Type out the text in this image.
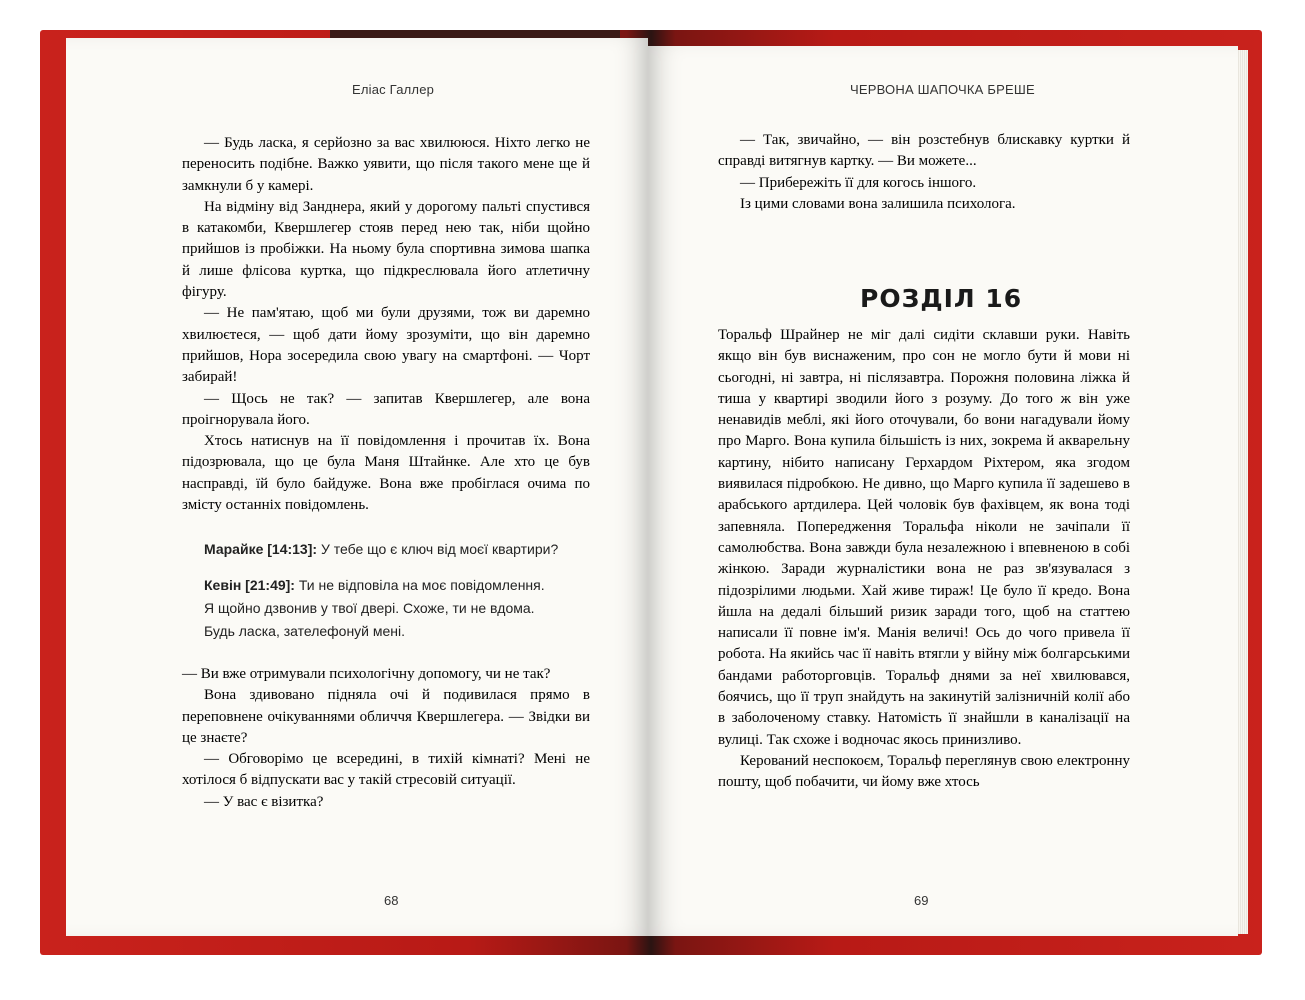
Еліас Галлер	ЧЕРВОНА ШАПОЧКА БРЕШЕ

— Будь ласка, я серйозно за вас хвилююся. Ніхто легко не переносить подібне. Важко уявити, що після такого мене ще й замкнули б у камері.

На відміну від Занднера, який у дорогому пальті спустився в катакомби, Квершлегер стояв перед нею так, ніби щойно прийшов із пробіжки. На ньому була спортивна зимова шапка й лише флісова куртка, що підкреслювала його атлетичну фігуру.

— Не пам'ятаю, щоб ми були друзями, тож ви даремно хвилюєтеся, — щоб дати йому зрозуміти, що він даремно прийшов, Нора зосередила свою увагу на смартфоні. — Чорт забирай!

— Щось не так? — запитав Квершлегер, але вона проігнорувала його.

Хтось натиснув на її повідомлення і прочитав їх. Вона підозрювала, що це була Маня Штайнке. Але хто це був насправді, їй було байдуже. Вона вже пробіглася очима по змісту останніх повідомлень.

Марайке [14:13]: У тебе що є ключ від моєї квартири?

Кевін [21:49]: Ти не відповіла на моє повідомлення.
Я щойно дзвонив у твої двері. Схоже, ти не вдома.
Будь ласка, зателефонуй мені.

— Ви вже отримували психологічну допомогу, чи не так?

Вона здивовано підняла очі й подивилася прямо в переповнене очікуваннями обличчя Квершлегера. — Звідки ви це знаєте?

— Обговорімо це всередині, в тихій кімнаті? Мені не хотілося б відпускати вас у такій стресовій ситуації.

— У вас є візитка?

— Так, звичайно, — він розстебнув блискавку куртки й справді витягнув картку. — Ви можете...

— Прибережіть її для когось іншого.

Із цими словами вона залишила психолога.

РОЗДІЛ 16

Торальф Шрайнер не міг далі сидіти склавши руки. Навіть якщо він був виснаженим, про сон не могло бути й мови ні сьогодні, ні завтра, ні післязавтра. Порожня половина ліжка й тиша у квартирі зводили його з розуму. До того ж він уже ненавидів меблі, які його оточували, бо вони нагадували йому про Марго. Вона купила більшість із них, зокрема й акварельну картину, нібито написану Герхардом Ріхтером, яка згодом виявилася підробкою. Не дивно, що Марго купила її задешево в арабського артдилера. Цей чоловік був фахівцем, як вона тоді запевняла. Попередження Торальфа ніколи не зачіпали її самолюбства. Вона завжди була незалежною і впевненою в собі жінкою. Заради журналістики вона не раз зв'язувалася з підозрілими людьми. Хай живе тираж! Це було її кредо. Вона йшла на дедалі більший ризик заради того, щоб на статтею написали її повне ім'я. Манія величі! Ось до чого привела її робота. На якийсь час її навіть втягли у війну між болгарськими бандами работорговців. Торальф днями за неї хвилювався, боячись, що її труп знайдуть на закинутій залізничній колії або в заболоченому ставку. Натомість її знайшли в каналізації на вулиці. Так схоже і водночас якось принизливо.

Керований неспокоєм, Торальф переглянув свою електронну пошту, щоб побачити, чи йому вже хтось

68	69
